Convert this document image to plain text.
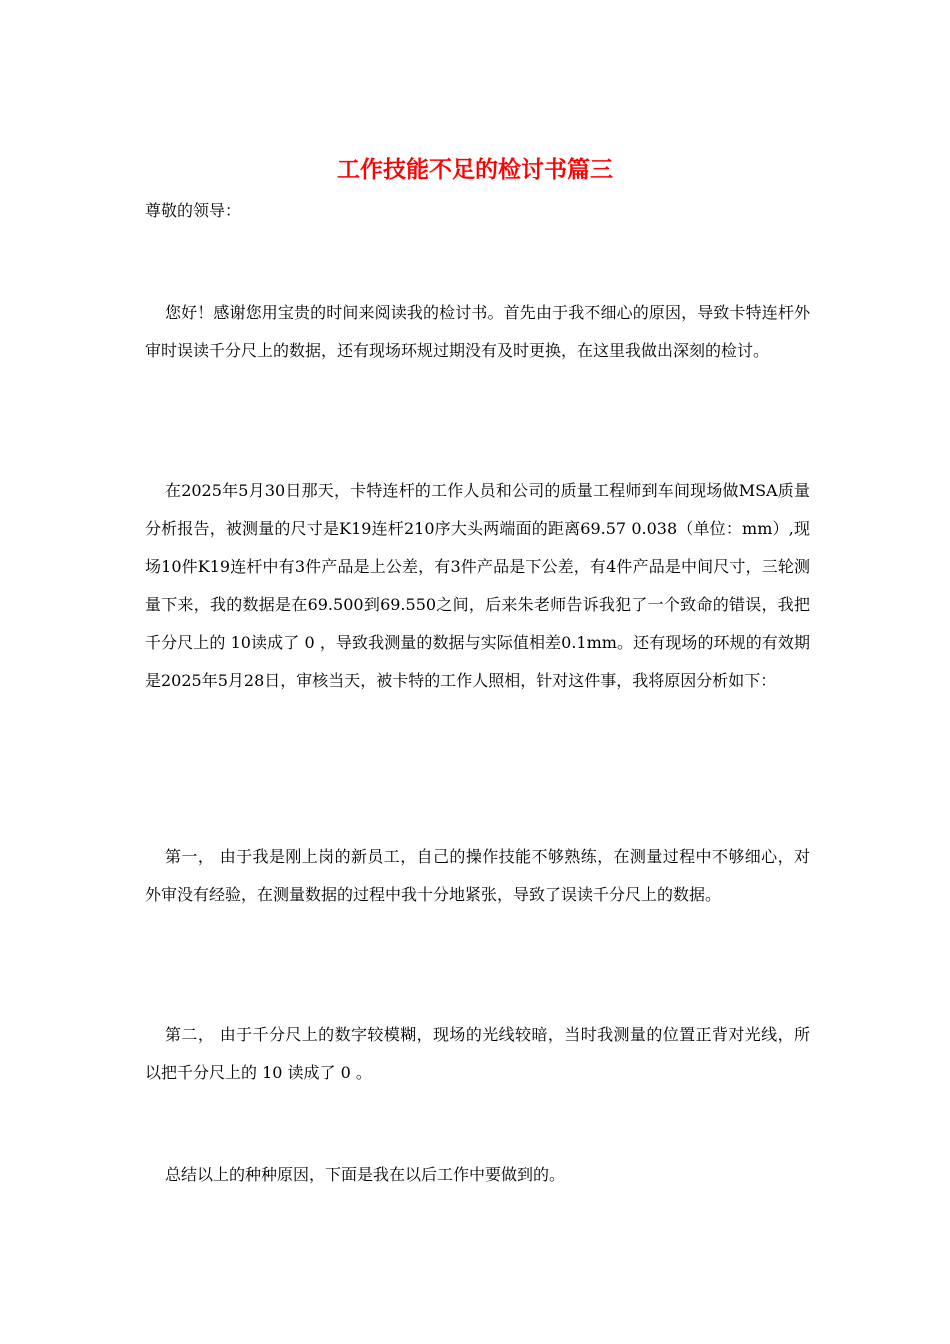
工作技能不足的检讨书篇三
尊敬的领导：

您好！感谢您用宝贵的时间来阅读我的检讨书。首先由于我不细心的原因，导致卡特连杆外审时误读千分尺上的数据，还有现场环规过期没有及时更换，在这里我做出深刻的检讨。

在2025年5月30日那天，卡特连杆的工作人员和公司的质量工程师到车间现场做MSA质量分析报告，被测量的尺寸是K19连杆210序大头两端面的距离69.57 0.038（单位：mm）,现场10件K19连杆中有3件产品是上公差，有3件产品是下公差，有4件产品是中间尺寸，三轮测量下来，我的数据是在69.500到69.550之间，后来朱老师告诉我犯了一个致命的错误，我把千分尺上的 10读成了 0 ，导致我测量的数据与实际值相差0.1mm。还有现场的环规的有效期是2025年5月28日，审核当天，被卡特的工作人照相，针对这件事，我将原因分析如下：

第一， 由于我是刚上岗的新员工，自己的操作技能不够熟练，在测量过程中不够细心，对外审没有经验，在测量数据的过程中我十分地紧张，导致了误读千分尺上的数据。

第二， 由于千分尺上的数字较模糊，现场的光线较暗，当时我测量的位置正背对光线，所以把千分尺上的 10 读成了 0 。

总结以上的种种原因，下面是我在以后工作中要做到的。
